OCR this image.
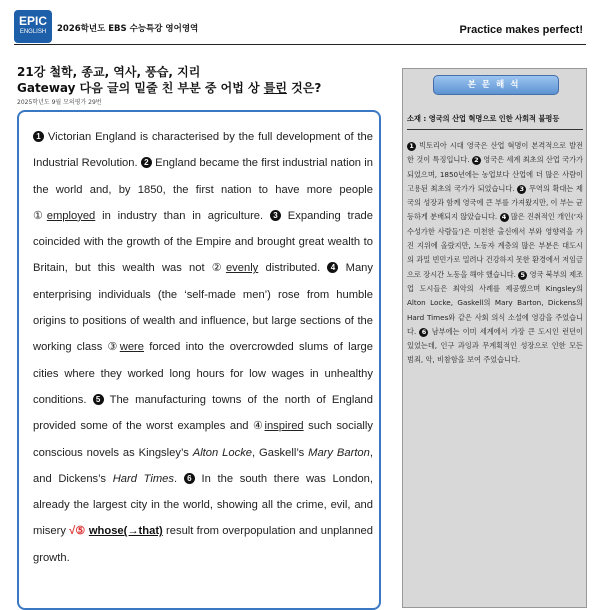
EPIC
ENGLISH	2026학년도 EBS 수능특강 영어영역	Practice makes perfect!
21강 철학, 종교, 역사, 풍습, 지리
Gateway 다음 글의 밑줄 친 부분 중 어법 상 틀린 것은?
2025학년도 9월 모의평가 29번
1 Victorian England is characterised by the full development of the Industrial Revolution. 2 England became the first industrial nation in the world and, by 1850, the first nation to have more people ①employed in industry than in agriculture. 3 Expanding trade coincided with the growth of the Empire and brought great wealth to Britain, but this wealth was not ②evenly distributed. 4 Many enterprising individuals (the ‘self-made men’) rose from humble origins to positions of wealth and influence, but large sections of the working class ③were forced into the overcrowded slums of large cities where they worked long hours for low wages in unhealthy conditions. 5 The manufacturing towns of the north of England provided some of the worst examples and ④inspired such socially conscious novels as Kingsley’s Alton Locke, Gaskell’s Mary Barton, and Dickens’s Hard Times. 6 In the south there was London, already the largest city in the world, showing all the crime, evil, and misery √⑤ whose(→that) result from overpopulation and unplanned growth.
본문해석
소재 : 영국의 산업 혁명으로 인한 사회적 불평등
1 빅토리아 시대 영국은 산업 혁명이 본격적으로 발전한 것이 특징입니다. 2 영국은 세계 최초의 산업 국가가 되었으며, 1850년에는 농업보다 산업에 더 많은 사람이 고용된 최초의 국가가 되었습니다. 3 무역의 확대는 제국의 성장과 함께 영국에 큰 부를 가져왔지만, 이 부는 균등하게 분배되지 않았습니다. 4 많은 진취적인 개인(‘자수성가한 사람들’)은 미천한 출신에서 부와 영향력을 가진 지위에 올랐지만, 노동자 계층의 많은 부분은 대도시의 과밀 빈민가로 밀려나 건강하지 못한 환경에서 저임금으로 장시간 노동을 해야 했습니다. 5 영국 북부의 제조업 도시들은 최악의 사례를 제공했으며 Kingsley의 Alton Locke, Gaskell의 Mary Barton, Dickens의 Hard Times와 같은 사회 의식 소설에 영감을 주었습니다. 6 남부에는 이미 세계에서 가장 큰 도시인 런던이 있었는데, 인구 과잉과 무계획적인 성장으로 인한 모든 범죄, 악, 비참함을 보여 주었습니다.
